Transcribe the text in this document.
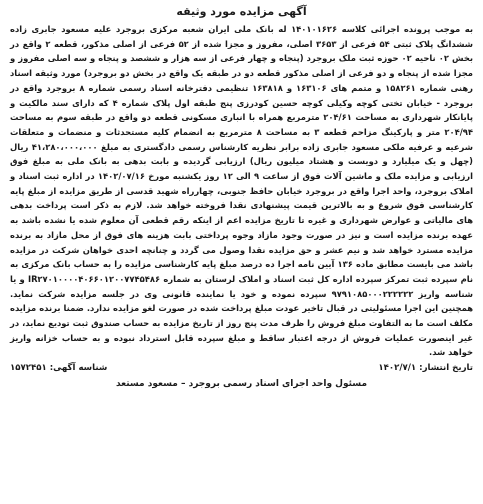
آگهی مزایده مورد وثیقه

به موجب پرونده اجرائی کلاسه ۱۴۰۱۰۱۶۲۶ له بانک ملی ایران شعبه مرکزی بروجرد علیه مسعود جابری زاده ششدانگ پلاک ثبتی ۵۴ فرعی از ۳۶۵۳ اصلی، مفروز و مجزا شده از ۵۲ فرعی از اصلی مذکور، قطعه ۲ واقع در بخش ۰۲ ناحیه ۰۲ حوزه ثبت ملک بروجرد (پنجاه و چهار فرعی از سه هزار و ششصد و پنجاه و سه اصلی مفروز و مجزا شده از پنجاه و دو فرعی از اصلی مذکور قطعه دو در طبقه یک واقع در بخش دو بروجرد) مورد وثیقه اسناد رهنی شماره ۱۵۸۲۶۱ و متمم های ۱۶۳۱۰۶ و ۱۶۳۸۱۸ تنظیمی دفترخانه اسناد رسمی شماره ۸ بروجرد واقع در بروجرد - خیابان تختی کوچه وکیلی کوچه حسین کودرزی پنج طبقه اول پلاک شماره ۴ که دارای سند مالکیت و پایانکار شهرداری به مساحت ۲۰۴/۶۱ مترمربع همراه با انباری مسکونی قطعه دو واقع در طبقه سوم به مساحت ۲۰۴/۹۴ متر و پارکینگ مزاحم قطعه ۳ به مساحت ۸ مترمربع به انضمام کلیه مستحدثات و منضمات و متعلقات شرعیه و عرفیه ملکی مسعود جابری زاده برابر نظریه کارشناس رسمی دادگستری به مبلغ ۴۱،۲۸۰،۰۰۰،۰۰۰ ریال (چهل و یک میلیارد و دویست و هشتاد میلیون ریال) ارزیابی گردیده و بابت بدهی به بانک ملی به مبلغ فوق ارزیابی و مزایده ملک و ماشین آلات فوق از ساعت ۹ الی ۱۲ روز یکشنبه مورخ ۱۴۰۲/۰۷/۱۶ در اداره ثبت اسناد و املاک بروجرد، واحد اجرا واقع در بروجرد خیابان حافظ جنوبی، چهارراه شهید قدسی از طریق مزایده از مبلغ پایه کارشناسی فوق شروع و به بالاترین قیمت پیشنهادی نقدا فروخته خواهد شد. لازم به ذکر است پرداخت بدهی های مالیاتی و عوارض شهرداری و غیره تا تاریخ مزایده اعم از اینکه رقم قطعی آن معلوم شده یا نشده باشد به عهده برنده مزایده است و نیز در صورت وجود مازاد وجوه پرداختی بابت هزینه های فوق از محل مازاد به برنده مزایده مسترد خواهد شد و نیم عشر و حق مزایده نقدا وصول می گردد و چنانچه احدی خواهان شرکت در مزایده باشد می بایست مطابق ماده ۱۳۶ آیین نامه اجرا ده درصد مبلغ پایه کارشناسی مزایده را به حساب بانک مرکزی به نام سپرده ثبت تمرکز سپرده اداره کل ثبت اسناد و املاک لرستان به شماره IR۲۷۰۱۰۰۰۰۴۰۶۶۰۱۲۰۰۷۷۴۵۴۸۶ و یا شناسه واریز ۹۷۹۱۰۸۵۰۰۰۲۲۲۲۲۲ سپرده نموده و خود یا نماینده قانونی وی در جلسه مزایده شرکت نماید. همچنین این اجرا مسئولیتی در قبال تاخیر عودت مبلغ پرداخت شده در صورت لغو مزایده ندارد. ضمنا برنده مزایده مکلف است ما به التفاوت مبلغ فروش را ظرف مدت پنج روز از تاریخ مزایده به حساب صندوق ثبت تودیع نماید، در غیر اینصورت عملیات فروش از درجه اعتبار ساقط و مبلغ سپرده قابل استرداد نبوده و به حساب خزانه واریز خواهد شد.

تاریخ انتشار: ۱۴۰۲/۷/۱
شناسه آگهی: ۱۵۷۲۴۵۱
مسئول واحد اجرای اسناد رسمی بروجرد – مسعود مستعد
